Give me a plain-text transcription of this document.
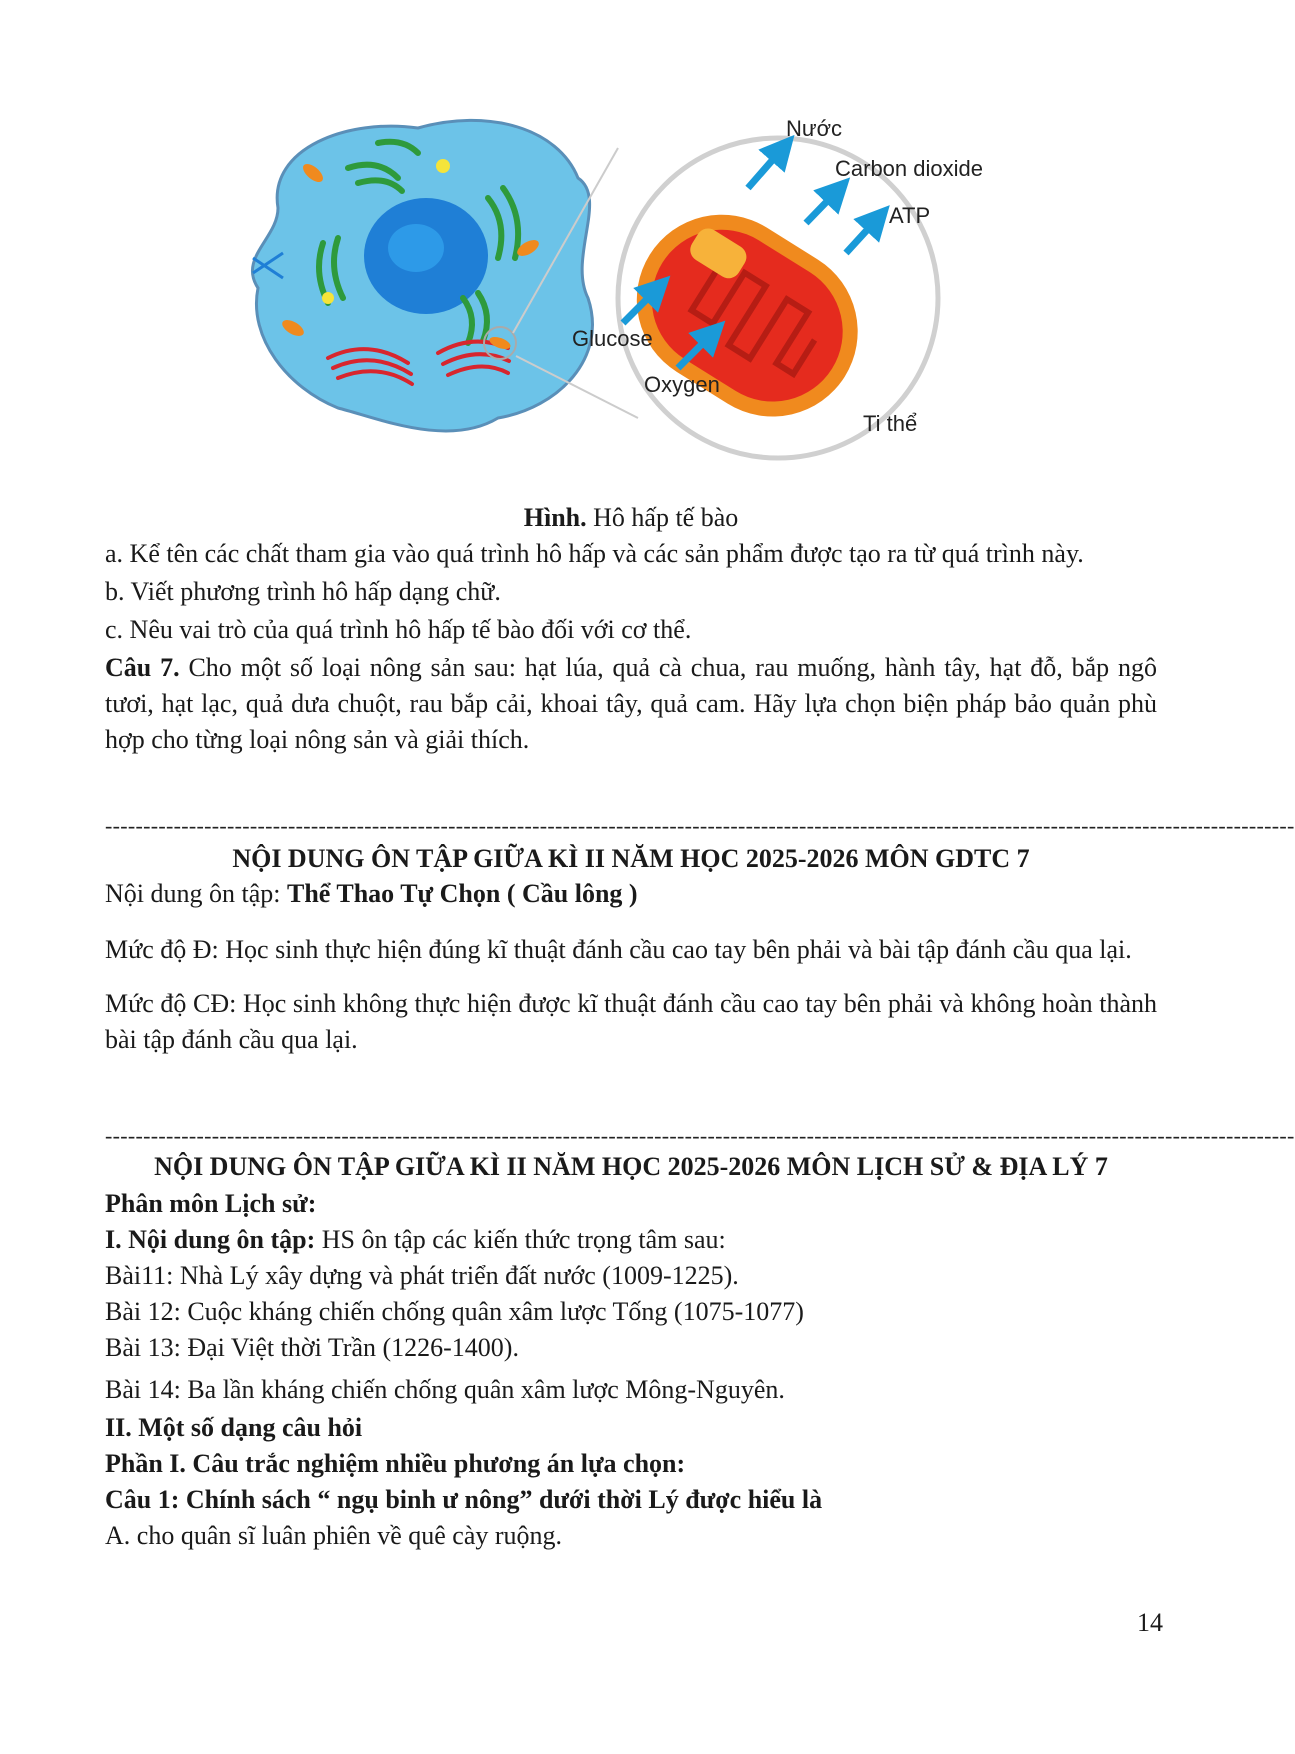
Nước
Carbon dioxide
ATP
Glucose
Oxygen
Ti thể

Hình. Hô hấp tế bào

a. Kể tên các chất tham gia vào quá trình hô hấp và các sản phẩm được tạo ra từ quá trình này.

b. Viết phương trình hô hấp dạng chữ.

c. Nêu vai trò của quá trình hô hấp tế bào đối với cơ thể.

Câu 7. Cho một số loại nông sản sau: hạt lúa, quả cà chua, rau muống, hành tây, hạt đỗ, bắp ngô tươi, hạt lạc, quả dưa chuột, rau bắp cải, khoai tây, quả cam. Hãy lựa chọn biện pháp bảo quản phù hợp cho từng loại nông sản và giải thích.

------------------------------------------------------------------------------------------------------------------------------------------------------------

NỘI DUNG ÔN TẬP GIỮA KÌ II NĂM HỌC 2025-2026 MÔN GDTC 7

Nội dung ôn tập: Thể Thao Tự Chọn ( Cầu lông )

Mức độ Đ: Học sinh thực hiện đúng kĩ thuật đánh cầu cao tay bên phải và bài tập đánh cầu qua lại.

Mức độ CĐ: Học sinh không thực hiện được kĩ thuật đánh cầu cao tay bên phải và không hoàn thành bài tập đánh cầu qua lại.

------------------------------------------------------------------------------------------------------------------------------------------------------------

NỘI DUNG ÔN TẬP GIỮA KÌ II NĂM HỌC 2025-2026 MÔN LỊCH SỬ & ĐỊA LÝ 7

Phân môn Lịch sử:

I. Nội dung ôn tập: HS ôn tập các kiến thức trọng tâm sau:

Bài11: Nhà Lý xây dựng và phát triển đất nước (1009-1225).

Bài 12: Cuộc kháng chiến chống quân xâm lược Tống (1075-1077)

Bài 13: Đại Việt thời Trần (1226-1400).

Bài 14: Ba lần kháng chiến chống quân xâm lược Mông-Nguyên.

II. Một số dạng câu hỏi

Phần I. Câu trắc nghiệm nhiều phương án lựa chọn:

Câu 1: Chính sách “ ngụ binh ư nông” dưới thời Lý được hiểu là

A. cho quân sĩ luân phiên về quê cày ruộng.

14
